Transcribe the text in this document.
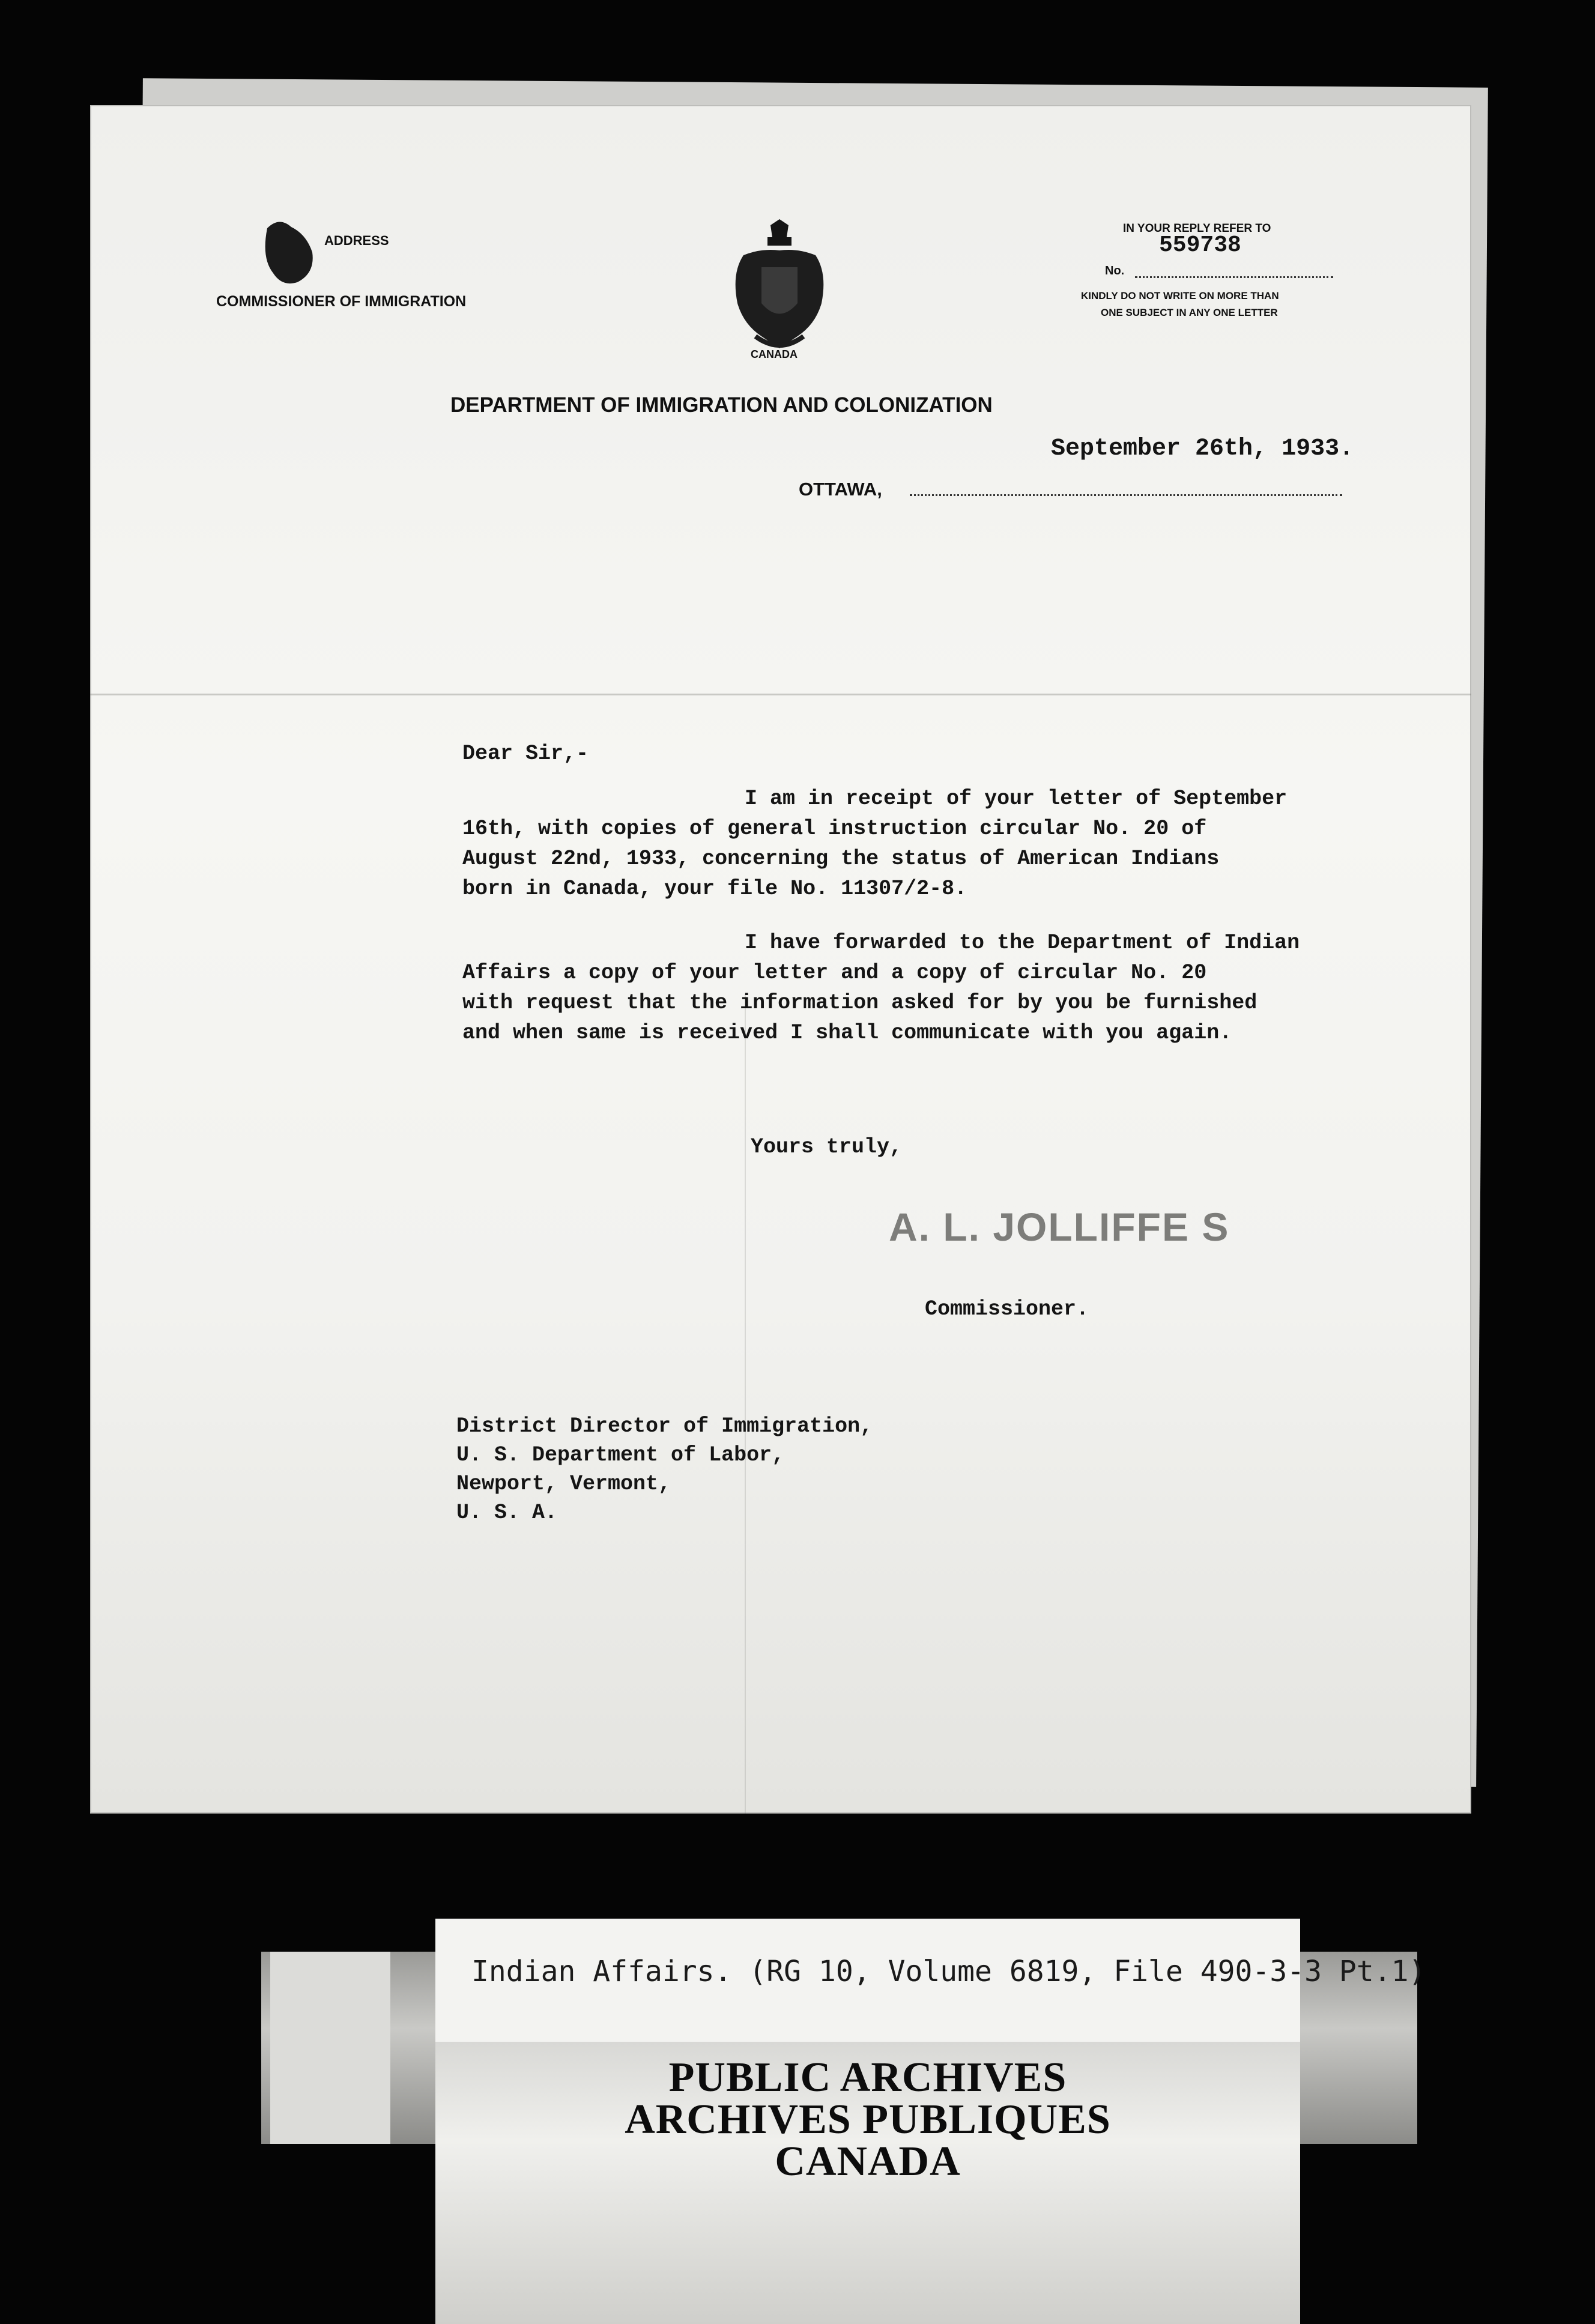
ADDRESS
COMMISSIONER OF IMMIGRATION
CANADA
IN YOUR REPLY REFER TO
559738
No.
KINDLY DO NOT WRITE ON MORE THAN
ONE SUBJECT IN ANY ONE LETTER
DEPARTMENT OF IMMIGRATION AND COLONIZATION
September 26th, 1933.
OTTAWA,
Dear Sir,-
I am in receipt of your letter of September
16th, with copies of general instruction circular No. 20 of
August 22nd, 1933, concerning the status of American Indians
born in Canada, your file No. 11307/2-8.
I have forwarded to the Department of Indian
Affairs a copy of your letter and a copy of circular No. 20
with request that the information asked for by you be furnished
and when same is received I shall communicate with you again.
Yours truly,
A. L. JOLLIFFE S
Commissioner.
District Director of Immigration,
U. S. Department of Labor,
Newport, Vermont,
U. S. A.
PUBLIC ARCHIVES
ARCHIVES PUBLIQUES
CANADA
Indian Affairs. (RG 10, Volume 6819, File 490-3-3 Pt.1)
